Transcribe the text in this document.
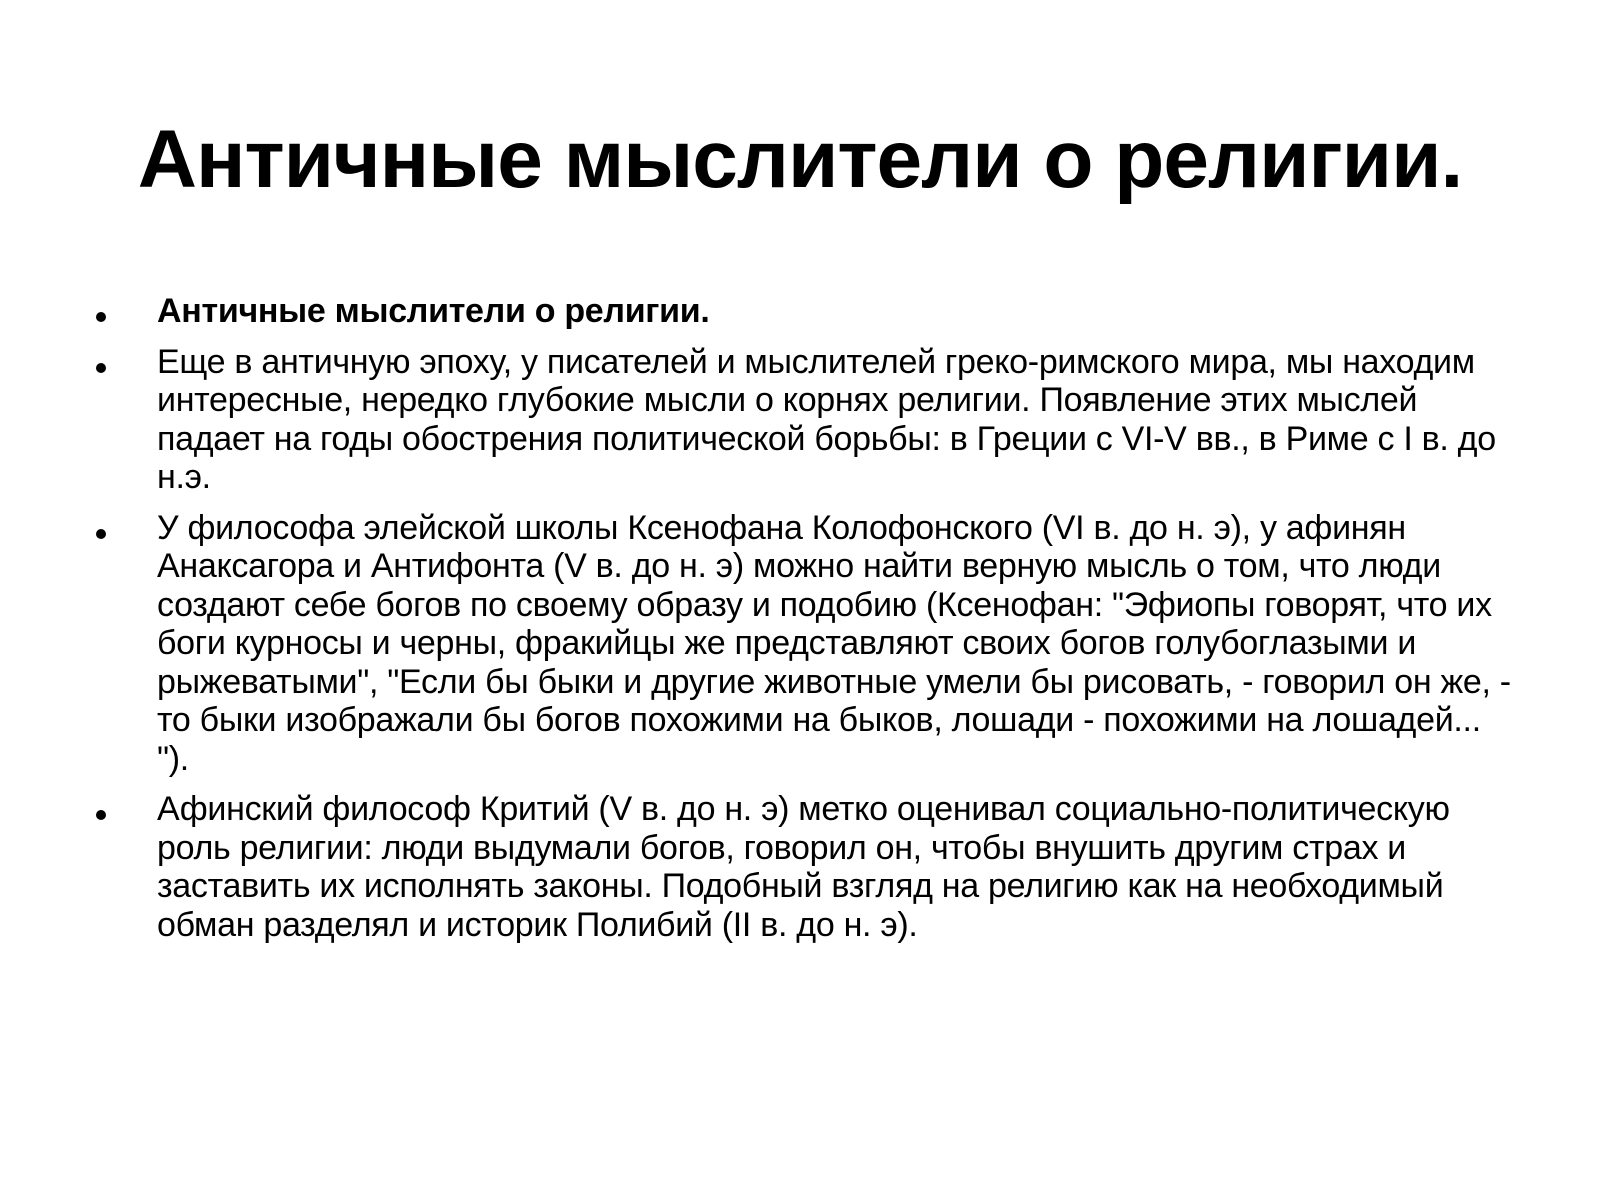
Античные мыслители о религии.
Античные мыслители о религии.
Еще в античную эпоху, у писателей и мыслителей греко-римского мира, мы находим интересные, нередко глубокие мысли о корнях религии. Появление этих мыслей падает на годы обострения политической борьбы: в Греции с VI-V вв., в Риме с I в. до н.э.
У философа элейской школы Ксенофана Колофонского (VI в. до н. э), у афинян Анаксагора и Антифонта (V в. до н. э) можно найти верную мысль о том, что люди создают себе богов по своему образу и подобию (Ксенофан: "Эфиопы говорят, что их боги курносы и черны, фракийцы же представляют своих богов голубоглазыми и рыжеватыми", "Если бы быки и другие животные умели бы рисовать, - говорил он же, - то быки изображали бы богов похожими на быков, лошади - похожими на лошадей... ").
Афинский философ Критий (V в. до н. э) метко оценивал социально-политическую роль религии: люди выдумали богов, говорил он, чтобы внушить другим страх и заставить их исполнять законы. Подобный взгляд на религию как на необходимый обман разделял и историк Полибий (II в. до н. э).
